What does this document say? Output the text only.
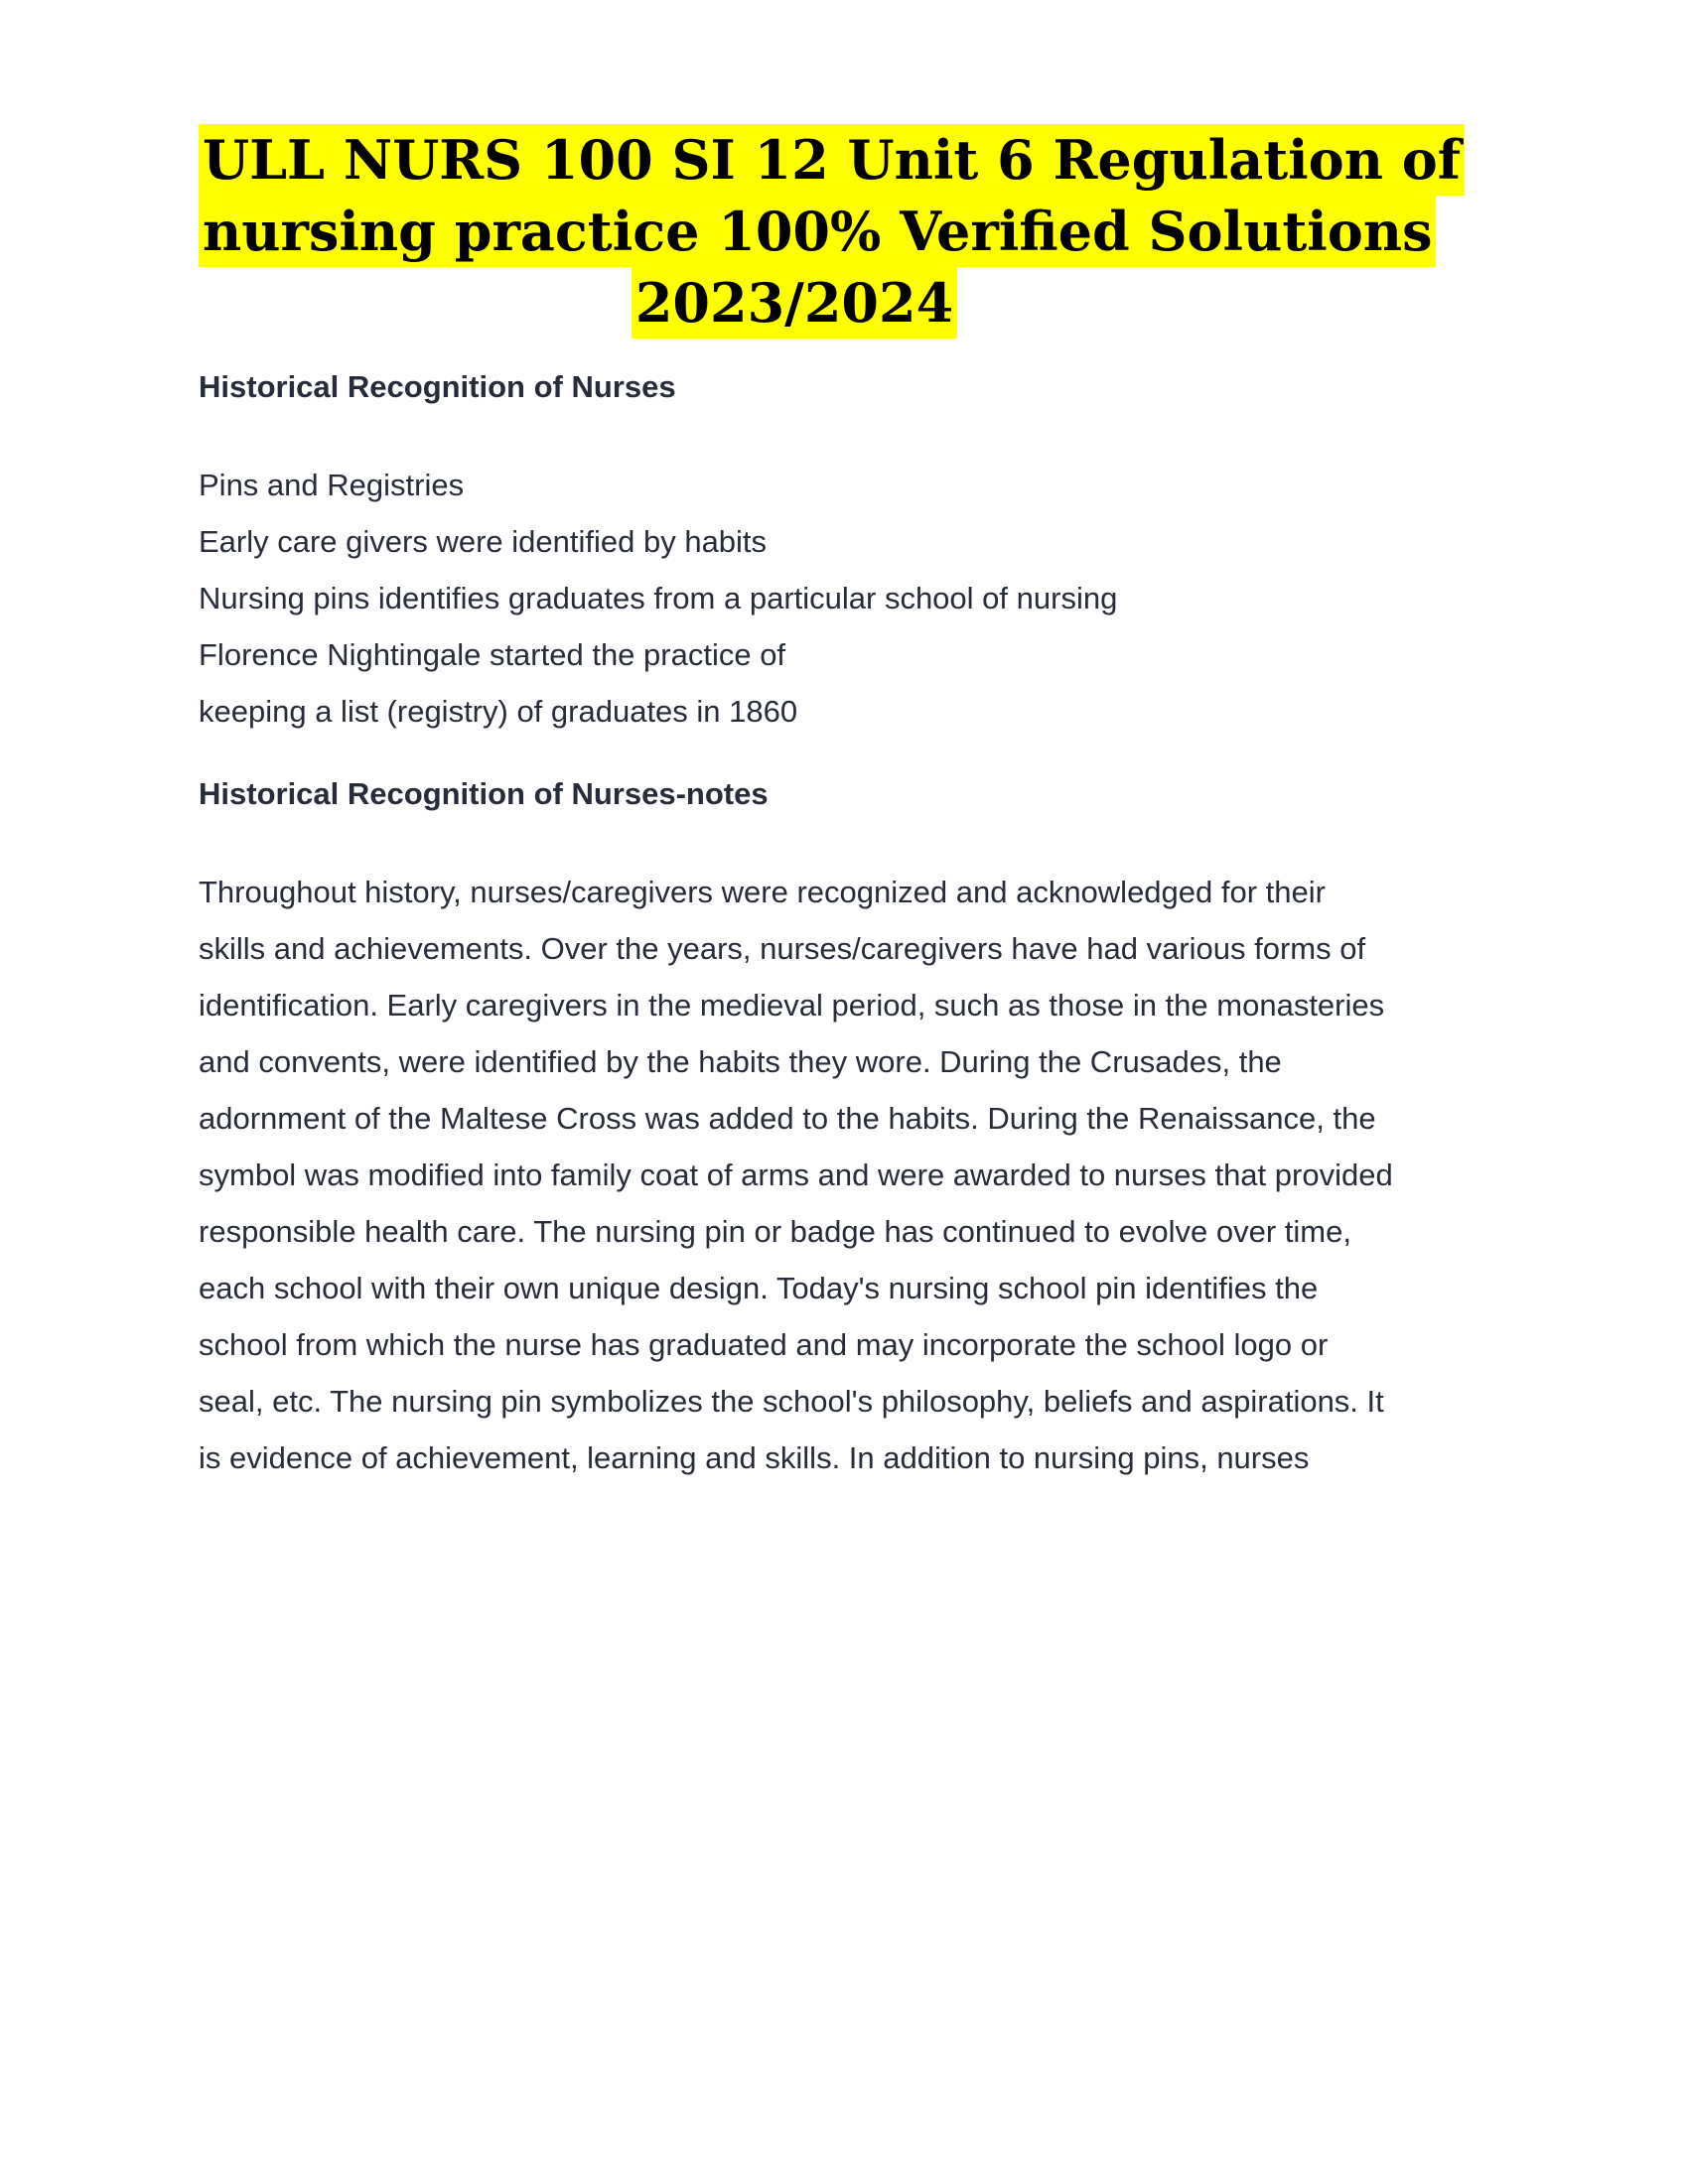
ULL NURS 100 SI 12 Unit 6 Regulation of
nursing practice 100% Verified Solutions
2023/2024
Historical Recognition of Nurses
Pins and Registries
Early care givers were identified by habits
Nursing pins identifies graduates from a particular school of nursing
Florence Nightingale started the practice of
keeping a list (registry) of graduates in 1860
Historical Recognition of Nurses-notes
Throughout history, nurses/caregivers were recognized and acknowledged for their
skills and achievements. Over the years, nurses/caregivers have had various forms of
identification. Early caregivers in the medieval period, such as those in the monasteries
and convents, were identified by the habits they wore. During the Crusades, the
adornment of the Maltese Cross was added to the habits. During the Renaissance, the
symbol was modified into family coat of arms and were awarded to nurses that provided
responsible health care. The nursing pin or badge has continued to evolve over time,
each school with their own unique design. Today's nursing school pin identifies the
school from which the nurse has graduated and may incorporate the school logo or
seal, etc. The nursing pin symbolizes the school's philosophy, beliefs and aspirations. It
is evidence of achievement, learning and skills. In addition to nursing pins, nurses
